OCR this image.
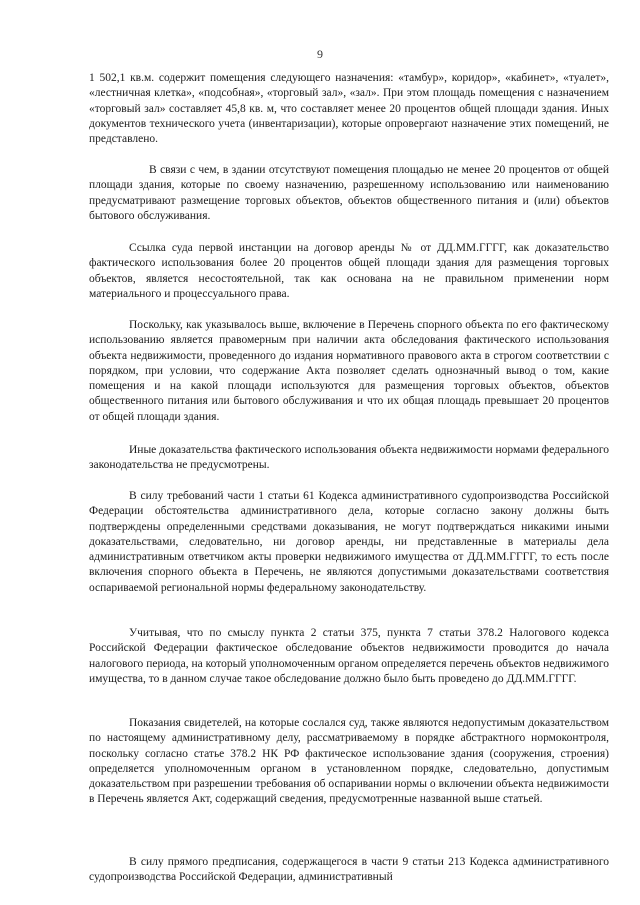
9

1 502,1 кв.м. содержит помещения следующего назначения: «тамбур», коридор», «кабинет», «туалет», «лестничная клетка», «подсобная», «торговый зал», «зал». При этом площадь помещения с назначением «торговый зал» составляет 45,8 кв. м, что составляет менее 20 процентов общей площади здания. Иных документов технического учета (инвентаризации), которые опровергают назначение этих помещений, не представлено.

В связи с чем, в здании отсутствуют помещения площадью не менее 20 процентов от общей площади здания, которые по своему назначению, разрешенному использованию или наименованию предусматривают размещение торговых объектов, объектов общественного питания и (или) объектов бытового обслуживания.

Ссылка суда первой инстанции на договор аренды № от ДД.ММ.ГГГГ, как доказательство фактического использования более 20 процентов общей площади здания для размещения торговых объектов, является несостоятельной, так как основана на не правильном применении норм материального и процессуального права.

Поскольку, как указывалось выше, включение в Перечень спорного объекта по его фактическому использованию является правомерным при наличии акта обследования фактического использования объекта недвижимости, проведенного до издания нормативного правового акта в строгом соответствии с порядком, при условии, что содержание Акта позволяет сделать однозначный вывод о том, какие помещения и на какой площади используются для размещения торговых объектов, объектов общественного питания или бытового обслуживания и что их общая площадь превышает 20 процентов от общей площади здания.

Иные доказательства фактического использования объекта недвижимости нормами федерального законодательства не предусмотрены.

В силу требований части 1 статьи 61 Кодекса административного судопроизводства Российской Федерации обстоятельства административного дела, которые согласно закону должны быть подтверждены определенными средствами доказывания, не могут подтверждаться никакими иными доказательствами, следовательно, ни договор аренды, ни представленные в материалы дела административным ответчиком акты проверки недвижимого имущества от ДД.ММ.ГГГГ, то есть после включения спорного объекта в Перечень, не являются допустимыми доказательствами соответствия оспариваемой региональной нормы федеральному законодательству.

Учитывая, что по смыслу пункта 2 статьи 375, пункта 7 статьи 378.2 Налогового кодекса Российской Федерации фактическое обследование объектов недвижимости проводится до начала налогового периода, на который уполномоченным органом определяется перечень объектов недвижимого имущества, то в данном случае такое обследование должно было быть проведено до ДД.ММ.ГГГГ.

Показания свидетелей, на которые сослался суд, также являются недопустимым доказательством по настоящему административному делу, рассматриваемому в порядке абстрактного нормоконтроля, поскольку согласно статье 378.2 НК РФ фактическое использование здания (сооружения, строения) определяется уполномоченным органом в установленном порядке, следовательно, допустимым доказательством при разрешении требования об оспаривании нормы о включении объекта недвижимости в Перечень является Акт, содержащий сведения, предусмотренные названной выше статьей.

В силу прямого предписания, содержащегося в части 9 статьи 213 Кодекса административного судопроизводства Российской Федерации, административный
